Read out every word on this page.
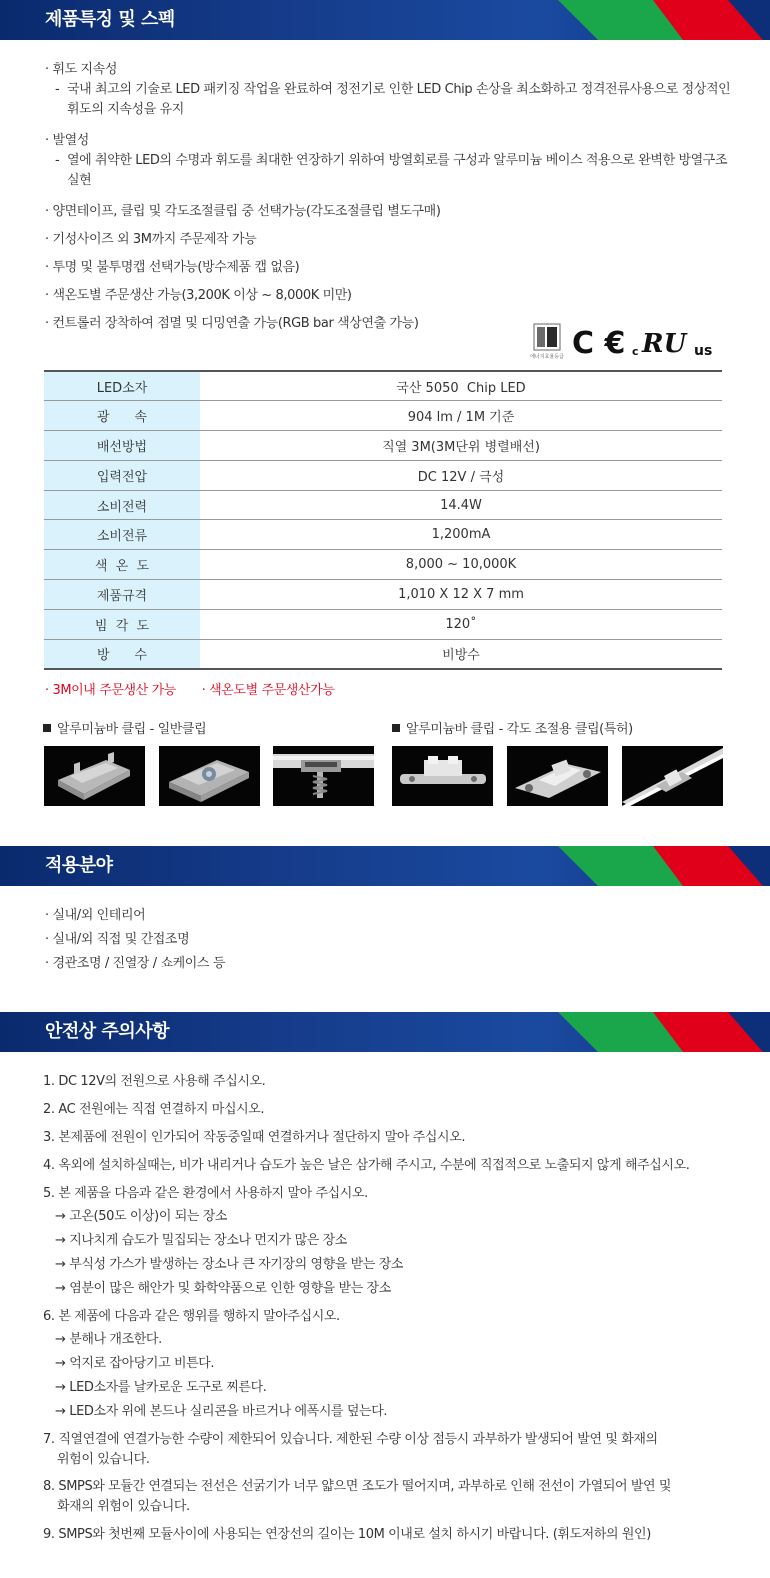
제품특징 및 스펙
· 휘도 지속성
- 국내 최고의 기술로 LED 패키징 작업을 완료하여 정전기로 인한 LED Chip 손상을 최소화하고 정격전류사용으로 정상적인 휘도의 지속성을 유지
· 발열성
- 열에 취약한 LED의 수명과 휘도를 최대한 연장하기 위하여 방열회로를 구성과 알루미늄 베이스 적용으로 완벽한 방열구조 실현
· 양면테이프, 클립 및 각도조절클립 중 선택가능(각도조절클립 별도구매)
· 기성사이즈 외 3M까지 주문제작 가능
· 투명 및 불투명캡 선택가능(방수제품 캡 없음)
· 색온도별 주문생산 가능(3,200K 이상 ~ 8,000K 미만)
· 컨트롤러 장착하여 점멸 및 디밍연출 가능(RGB bar 색상연출 가능)
에너지효율등급 C € c RU us
LED소자	국산 5050  Chip LED
광      속	904 lm / 1M 기준
배선방법	직열 3M(3M단위 병렬배선)
입력전압	DC 12V / 극성
소비전력	14.4W
소비전류	1,200mA
색  온  도	8,000 ~ 10,000K
제품규격	1,010 X 12 X 7 mm
빔  각  도	120˚
방      수	비방수
· 3M이내 주문생산 가능 · 색온도별 주문생산가능
알루미늄바 클립 - 일반클립	알루미늄바 클립 - 각도 조절용 클립(특허)
적용분야
· 실내/외 인테리어
· 실내/외 직접 및 간접조명
· 경관조명 / 진열장 / 쇼케이스 등
안전상 주의사항
1. DC 12V의 전원으로 사용해 주십시오.
2. AC 전원에는 직접 연결하지 마십시오.
3. 본제품에 전원이 인가되어 작동중일때 연결하거나 절단하지 말아 주십시오.
4. 옥외에 설치하실때는, 비가 내리거나 습도가 높은 날은 삼가해 주시고, 수분에 직접적으로 노출되지 않게 해주십시오.
5. 본 제품을 다음과 같은 환경에서 사용하지 말아 주십시오.
→ 고온(50도 이상)이 되는 장소
→ 지나치게 습도가 밀집되는 장소나 먼지가 많은 장소
→ 부식성 가스가 발생하는 장소나 큰 자기장의 영향을 받는 장소
→ 염분이 많은 해안가 및 화학약품으로 인한 영향을 받는 장소
6. 본 제품에 다음과 같은 행위를 행하지 말아주십시오.
→ 분해나 개조한다.
→ 억지로 잡아당기고 비튼다.
→ LED소자를 날카로운 도구로 찌른다.
→ LED소자 위에 본드나 실리콘을 바르거나 에폭시를 덮는다.
7. 직열연결에 연결가능한 수량이 제한되어 있습니다. 제한된 수량 이상 점등시 과부하가 발생되어 발연 및 화재의
위험이 있습니다.
8. SMPS와 모듈간 연결되는 전선은 선굵기가 너무 얇으면 조도가 떨어지며, 과부하로 인해 전선이 가열되어 발연 및
화재의 위험이 있습니다.
9. SMPS와 첫번째 모듈사이에 사용되는 연장선의 길이는 10M 이내로 설치 하시기 바랍니다. (휘도저하의 원인)
